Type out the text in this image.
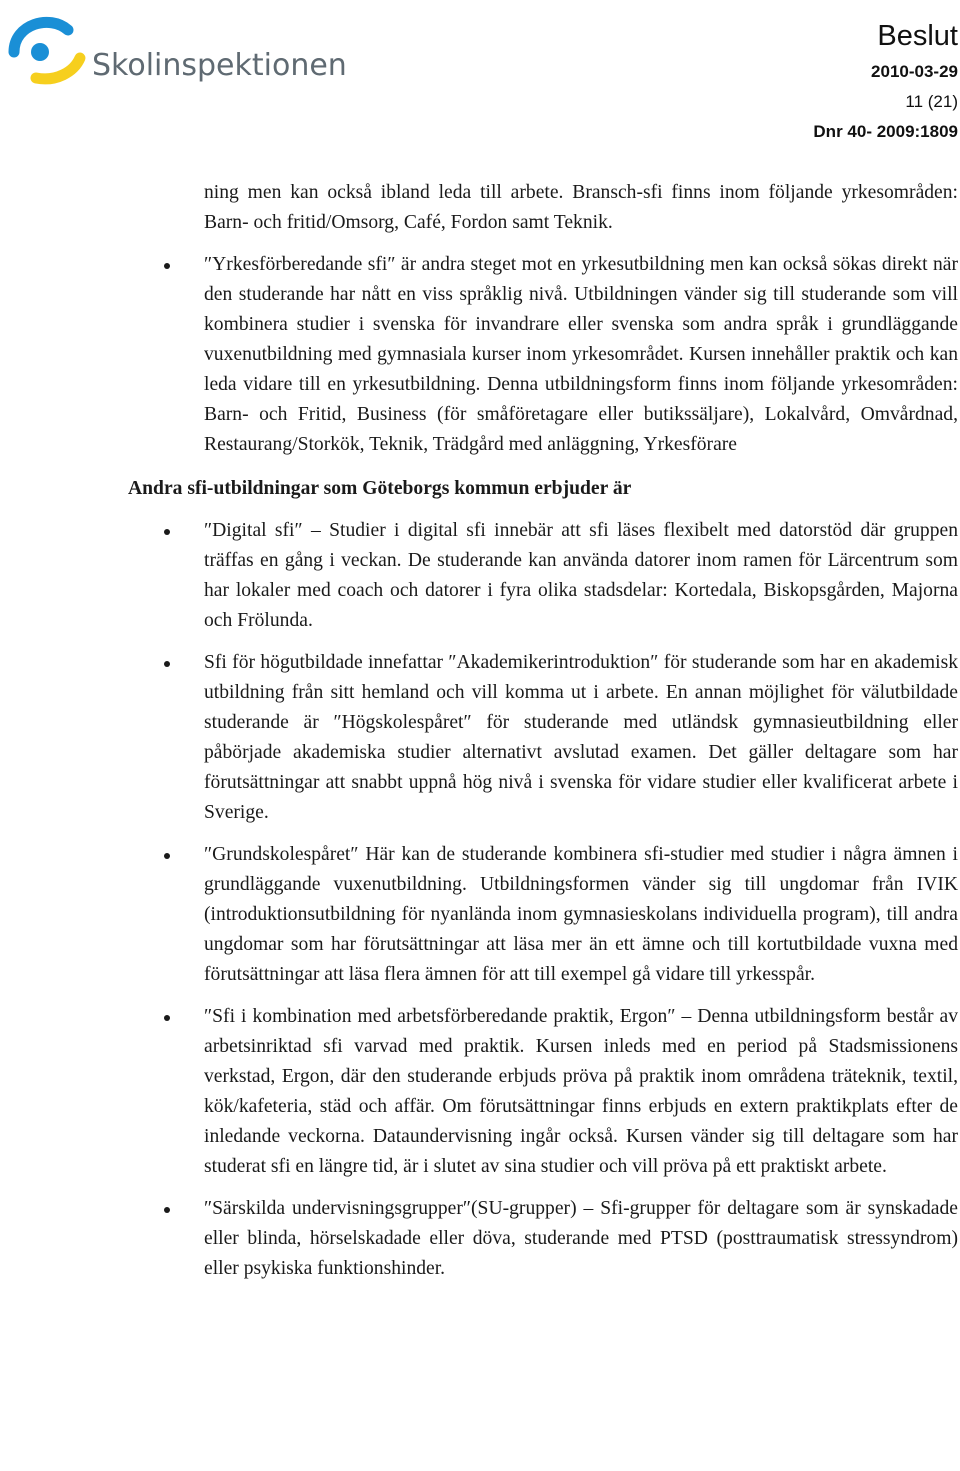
Skolinspektionen
Beslut
2010-03-29
11 (21)
Dnr 40- 2009:1809

ning men kan också ibland leda till arbete. Bransch-sfi finns inom följande yrkesområden: Barn- och fritid/Omsorg, Café, Fordon samt Teknik.

″Yrkesförberedande sfi″ är andra steget mot en yrkesutbildning men kan också sökas direkt när den studerande har nått en viss språklig nivå. Utbildningen vänder sig till studerande som vill kombinera studier i svenska för invandrare eller svenska som andra språk i grundläggande vuxenutbildning med gymnasiala kurser inom yrkesområdet. Kursen innehåller praktik och kan leda vidare till en yrkesutbildning. Denna utbildningsform finns inom följande yrkesområden: Barn- och Fritid, Business (för småföretagare eller butikssäljare), Lokalvård, Omvårdnad, Restaurang/Storkök, Teknik, Trädgård med anläggning, Yrkesförare
Andra sfi-utbildningar som Göteborgs kommun erbjuder är
″Digital sfi″ – Studier i digital sfi innebär att sfi läses flexibelt med datorstöd där gruppen träffas en gång i veckan. De studerande kan använda datorer inom ramen för Lärcentrum som har lokaler med coach och datorer i fyra olika stadsdelar: Kortedala, Biskopsgården, Majorna och Frölunda.
Sfi för högutbildade innefattar ″Akademikerintroduktion″ för studerande som har en akademisk utbildning från sitt hemland och vill komma ut i arbete. En annan möjlighet för välutbildade studerande är ″Högskolespåret″ för studerande med utländsk gymnasieutbildning eller påbörjade akademiska studier alternativt avslutad examen. Det gäller deltagare som har förutsättningar att snabbt uppnå hög nivå i svenska för vidare studier eller kvalificerat arbete i Sverige.
″Grundskolespåret″ Här kan de studerande kombinera sfi-studier med studier i några ämnen i grundläggande vuxenutbildning. Utbildningsformen vänder sig till ungdomar från IVIK (introduktionsutbildning för nyanlända inom gymnasieskolans individuella program), till andra ungdomar som har förutsättningar att läsa mer än ett ämne och till kortutbildade vuxna med förutsättningar att läsa flera ämnen för att till exempel gå vidare till yrkesspår.
″Sfi i kombination med arbetsförberedande praktik, Ergon″ – Denna utbildningsform består av arbetsinriktad sfi varvad med praktik. Kursen inleds med en period på Stadsmissionens verkstad, Ergon, där den studerande erbjuds pröva på praktik inom områdena träteknik, textil, kök/kafeteria, städ och affär. Om förutsättningar finns erbjuds en extern praktikplats efter de inledande veckorna. Dataundervisning ingår också. Kursen vänder sig till deltagare som har studerat sfi en längre tid, är i slutet av sina studier och vill pröva på ett praktiskt arbete.
″Särskilda undervisningsgrupper″(SU-grupper) – Sfi-grupper för deltagare som är synskadade eller blinda, hörselskadade eller döva, studerande med PTSD (posttraumatisk stressyndrom) eller psykiska funktionshinder.
